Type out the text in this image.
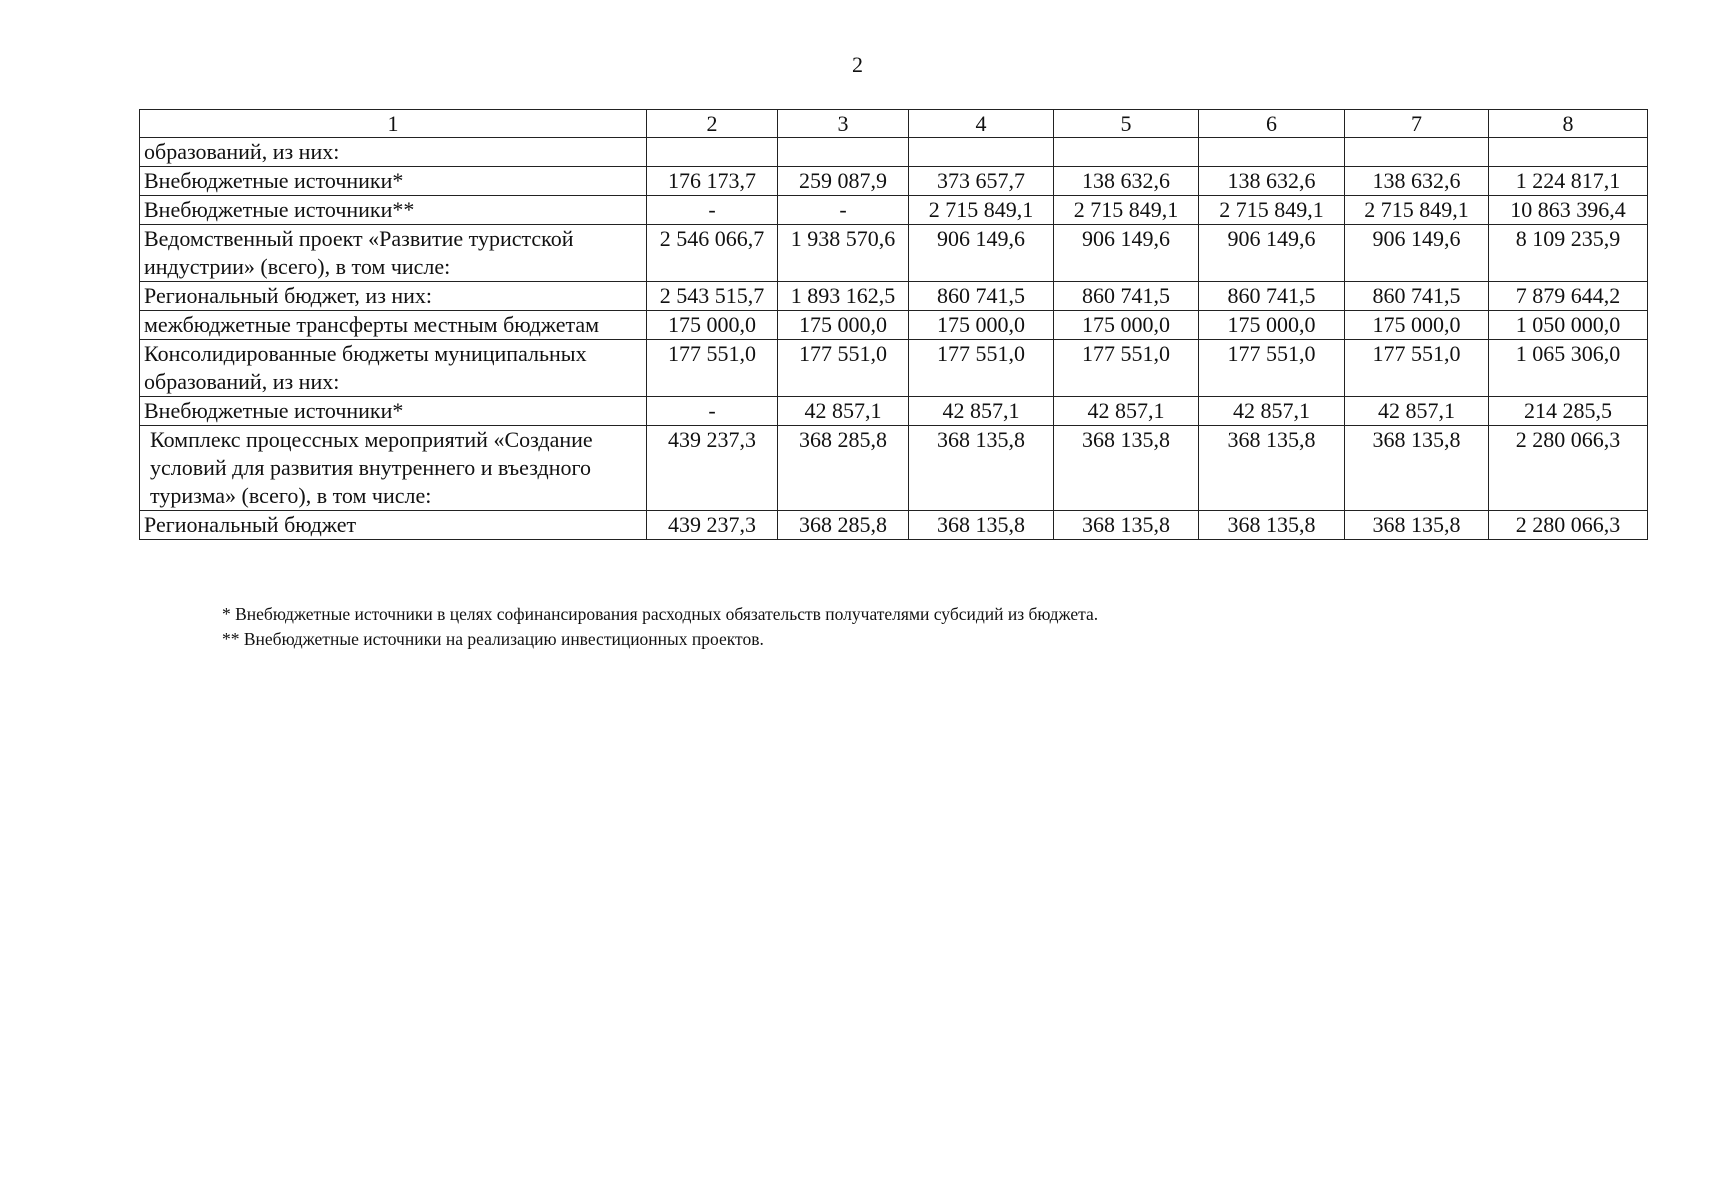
2
1	2	3	4	5	6	7	8
образований, из них:							
Внебюджетные источники*	176 173,7	259 087,9	373 657,7	138 632,6	138 632,6	138 632,6	1 224 817,1
Внебюджетные источники**	-	-	2 715 849,1	2 715 849,1	2 715 849,1	2 715 849,1	10 863 396,4
Ведомственный проект «Развитие туристской индустрии» (всего), в том числе:	2 546 066,7	1 938 570,6	906 149,6	906 149,6	906 149,6	906 149,6	8 109 235,9
Региональный бюджет, из них:	2 543 515,7	1 893 162,5	860 741,5	860 741,5	860 741,5	860 741,5	7 879 644,2
межбюджетные трансферты местным бюджетам	175 000,0	175 000,0	175 000,0	175 000,0	175 000,0	175 000,0	1 050 000,0
Консолидированные бюджеты муниципальных образований, из них:	177 551,0	177 551,0	177 551,0	177 551,0	177 551,0	177 551,0	1 065 306,0
Внебюджетные источники*	-	42 857,1	42 857,1	42 857,1	42 857,1	42 857,1	214 285,5
Комплекс процессных мероприятий «Создание условий для развития внутреннего и въездного туризма» (всего), в том числе:	439 237,3	368 285,8	368 135,8	368 135,8	368 135,8	368 135,8	2 280 066,3
Региональный бюджет	439 237,3	368 285,8	368 135,8	368 135,8	368 135,8	368 135,8	2 280 066,3
* Внебюджетные источники в целях софинансирования расходных обязательств получателями субсидий из бюджета.
** Внебюджетные источники на реализацию инвестиционных проектов.
